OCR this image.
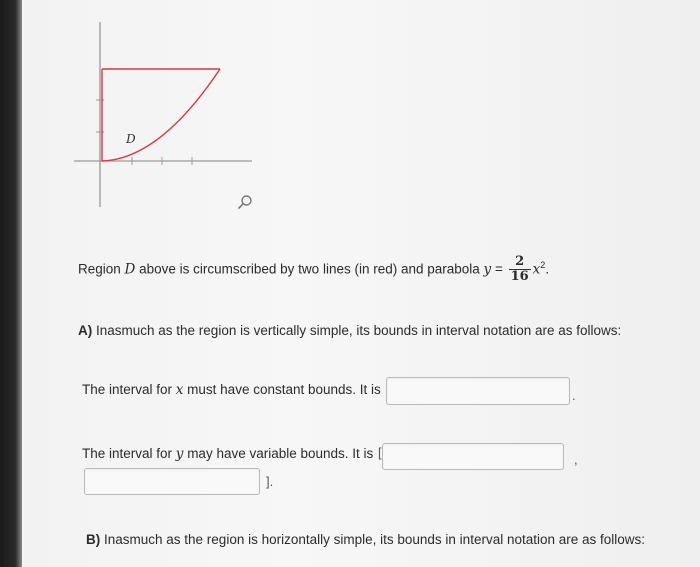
D
Region D above is circumscribed by two lines (in red) and parabola $y = \frac{2}{16} x^2$.
A) Inasmuch as the region is vertically simple, its bounds in interval notation are as follows:
The interval for x must have constant bounds. It is	.
The interval for y may have variable bounds. It is [	,
].
B) Inasmuch as the region is horizontally simple, its bounds in interval notation are as follows:
